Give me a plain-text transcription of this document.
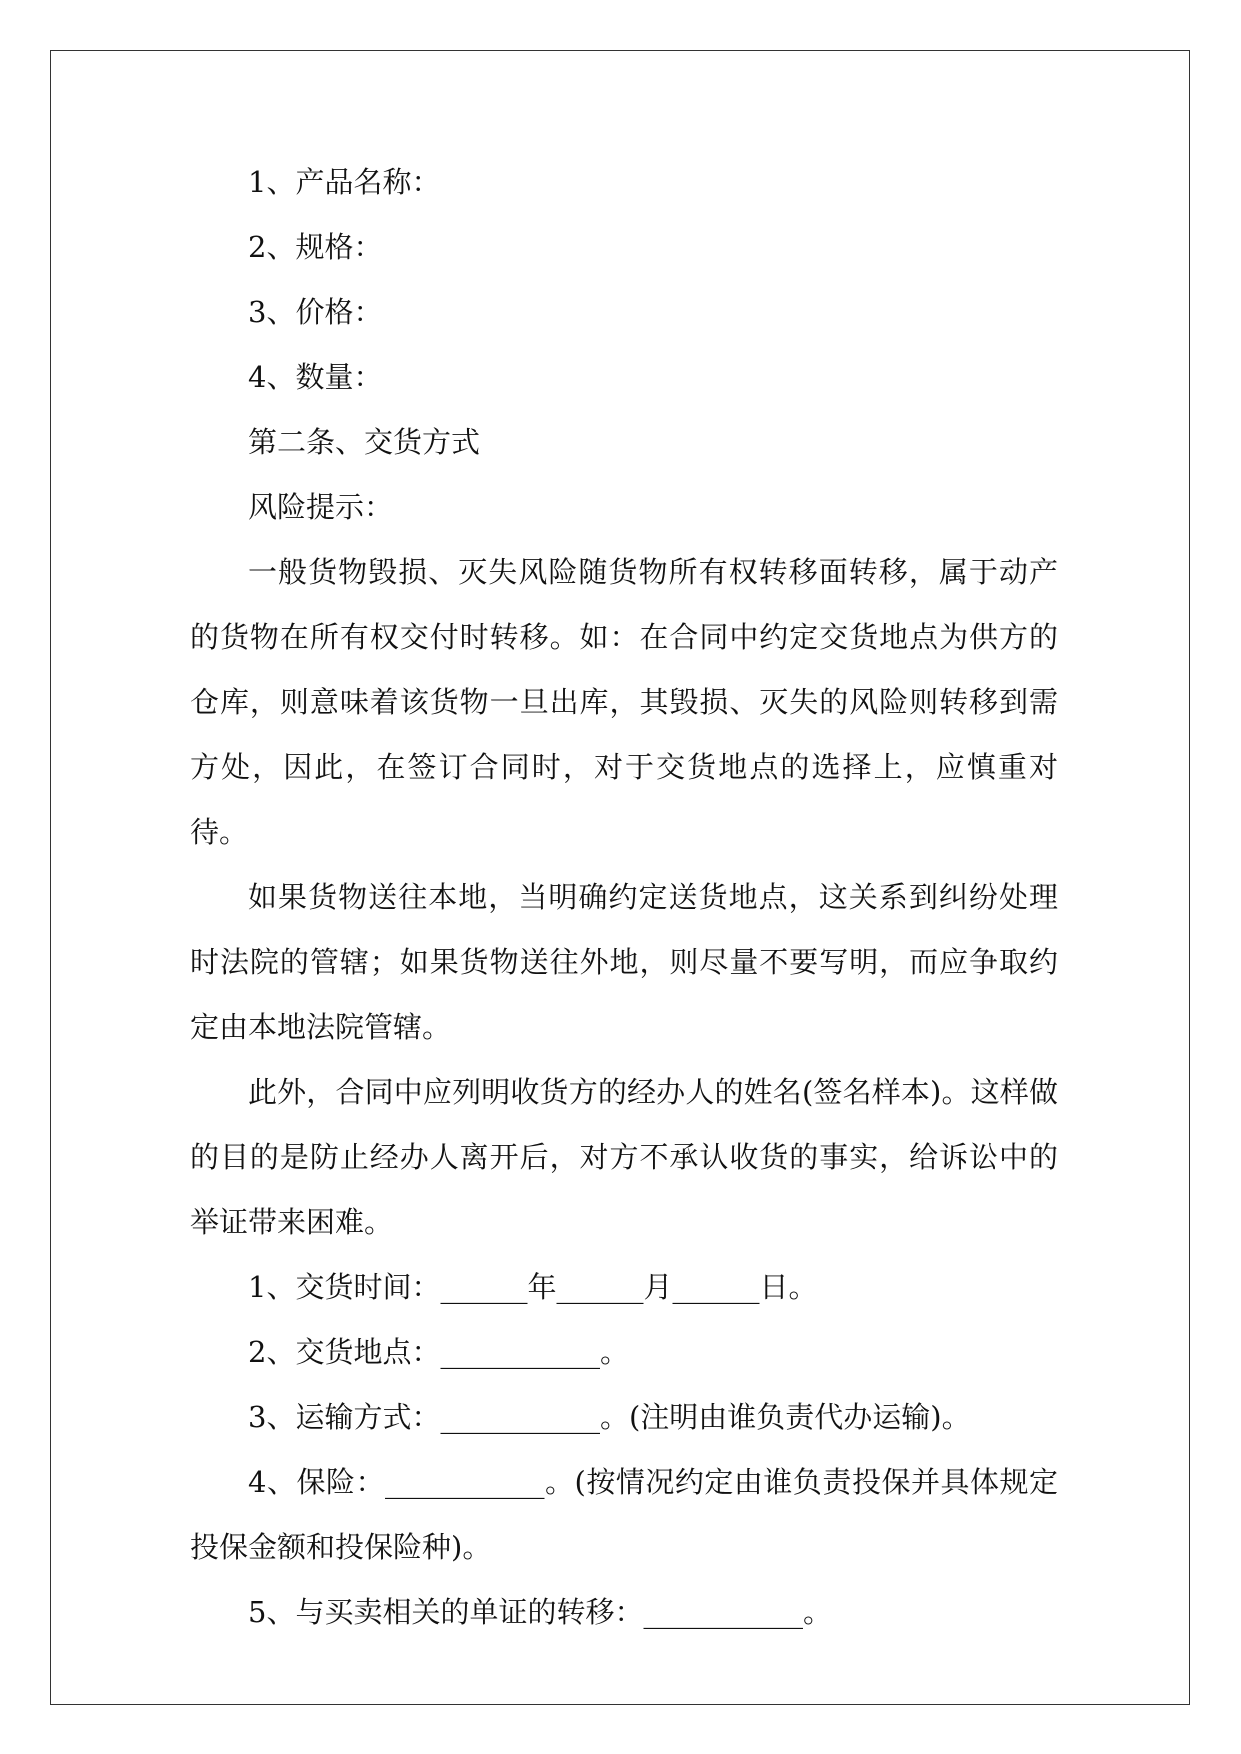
1、产品名称：
2、规格：
3、价格：
4、数量：
第二条、交货方式
风险提示：

一般货物毁损、灭失风险随货物所有权转移面转移，属于动产的货物在所有权交付时转移。如：在合同中约定交货地点为供方的仓库，则意味着该货物一旦出库，其毁损、灭失的风险则转移到需方处，因此，在签订合同时，对于交货地点的选择上，应慎重对待。

如果货物送往本地，当明确约定送货地点，这关系到纠纷处理时法院的管辖；如果货物送往外地，则尽量不要写明，而应争取约定由本地法院管辖。

此外，合同中应列明收货方的经办人的姓名(签名样本)。这样做的目的是防止经办人离开后，对方不承认收货的事实，给诉讼中的举证带来困难。

1、交货时间：______年______月______日。
2、交货地点：___________。
3、运输方式：___________。(注明由谁负责代办运输)。

4、保险：___________。(按情况约定由谁负责投保并具体规定投保金额和投保险种)。

5、与买卖相关的单证的转移：___________。
